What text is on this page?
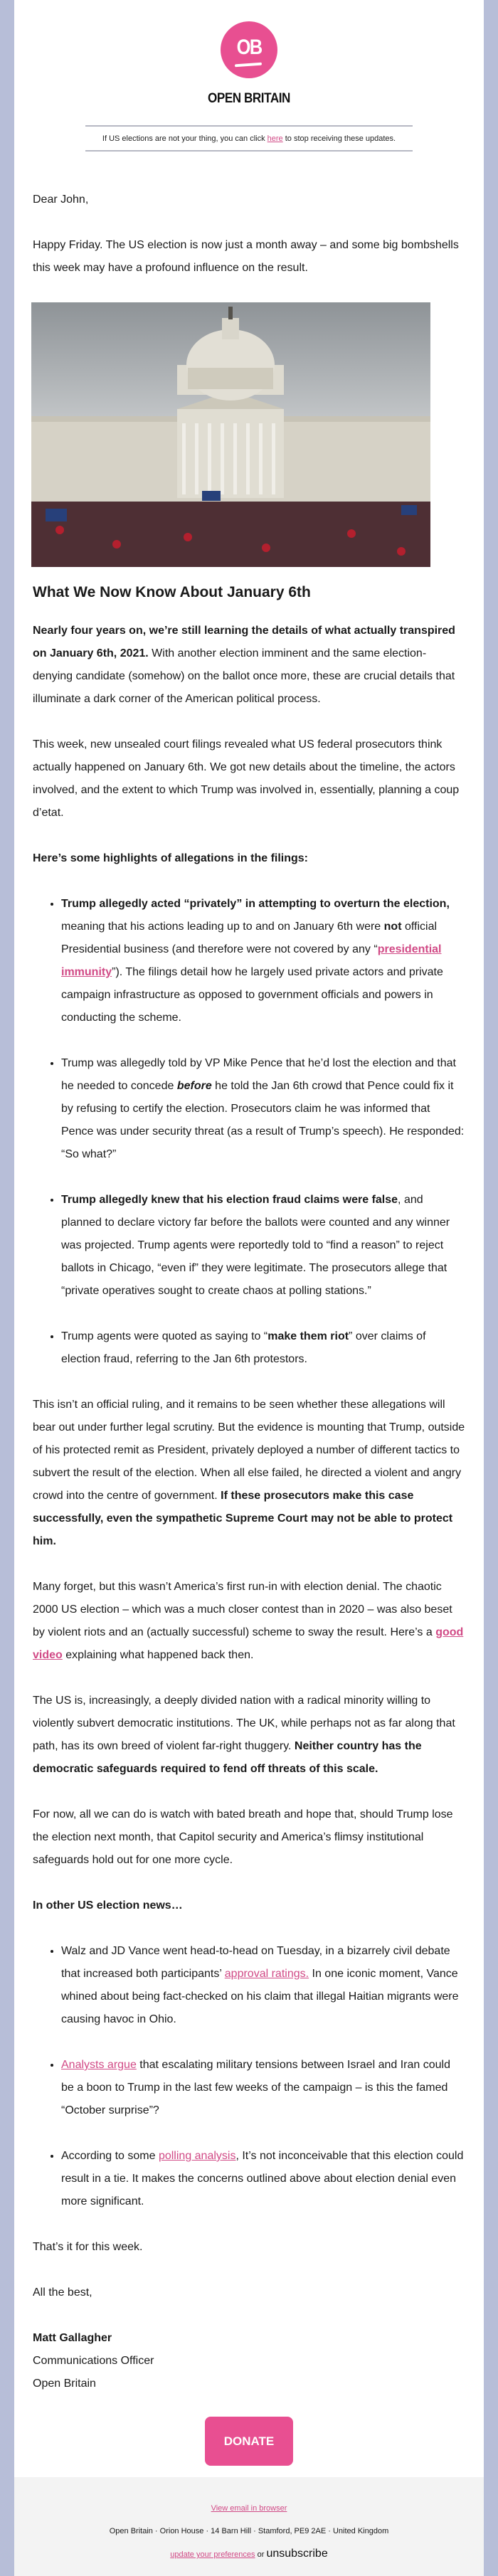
OB
OPEN BRITAIN
If US elections are not your thing, you can click here to stop receiving these updates.

Dear John,

Happy Friday. The US election is now just a month away – and some big bombshells this week may have a profound influence on the result.

What We Now Know About January 6th

Nearly four years on, we’re still learning the details of what actually transpired on January 6th, 2021. With another election imminent and the same election-denying candidate (somehow) on the ballot once more, these are crucial details that illuminate a dark corner of the American political process.

This week, new unsealed court filings revealed what US federal prosecutors think actually happened on January 6th. We got new details about the timeline, the actors involved, and the extent to which Trump was involved in, essentially, planning a coup d’etat.

Here’s some highlights of allegations in the filings:

• Trump allegedly acted “privately” in attempting to overturn the election, meaning that his actions leading up to and on January 6th were not official Presidential business (and therefore were not covered by any “presidential immunity”). The filings detail how he largely used private actors and private campaign infrastructure as opposed to government officials and powers in conducting the scheme.
• Trump was allegedly told by VP Mike Pence that he’d lost the election and that he needed to concede before he told the Jan 6th crowd that Pence could fix it by refusing to certify the election. Prosecutors claim he was informed that Pence was under security threat (as a result of Trump’s speech). He responded: “So what?”
• Trump allegedly knew that his election fraud claims were false, and planned to declare victory far before the ballots were counted and any winner was projected. Trump agents were reportedly told to “find a reason” to reject ballots in Chicago, “even if” they were legitimate. The prosecutors allege that “private operatives sought to create chaos at polling stations.”
• Trump agents were quoted as saying to “make them riot” over claims of election fraud, referring to the Jan 6th protestors.

This isn’t an official ruling, and it remains to be seen whether these allegations will bear out under further legal scrutiny. But the evidence is mounting that Trump, outside of his protected remit as President, privately deployed a number of different tactics to subvert the result of the election. When all else failed, he directed a violent and angry crowd into the centre of government. If these prosecutors make this case successfully, even the sympathetic Supreme Court may not be able to protect him.

Many forget, but this wasn’t America’s first run-in with election denial. The chaotic 2000 US election – which was a much closer contest than in 2020 – was also beset by violent riots and an (actually successful) scheme to sway the result. Here’s a good video explaining what happened back then.

The US is, increasingly, a deeply divided nation with a radical minority willing to violently subvert democratic institutions. The UK, while perhaps not as far along that path, has its own breed of violent far-right thuggery. Neither country has the democratic safeguards required to fend off threats of this scale.

For now, all we can do is watch with bated breath and hope that, should Trump lose the election next month, that Capitol security and America’s flimsy institutional safeguards hold out for one more cycle.

In other US election news…

• Walz and JD Vance went head-to-head on Tuesday, in a bizarrely civil debate that increased both participants’ approval ratings. In one iconic moment, Vance whined about being fact-checked on his claim that illegal Haitian migrants were causing havoc in Ohio.
• Analysts argue that escalating military tensions between Israel and Iran could be a boon to Trump in the last few weeks of the campaign – is this the famed “October surprise”?
• According to some polling analysis, It’s not inconceivable that this election could result in a tie. It makes the concerns outlined above about election denial even more significant.

That’s it for this week.

All the best,

Matt Gallagher

Communications Officer

Open Britain

DONATE
View email in browser
Open Britain · Orion House · 14 Barn Hill · Stamford, PE9 2AE · United Kingdom
update your preferences or unsubscribe
